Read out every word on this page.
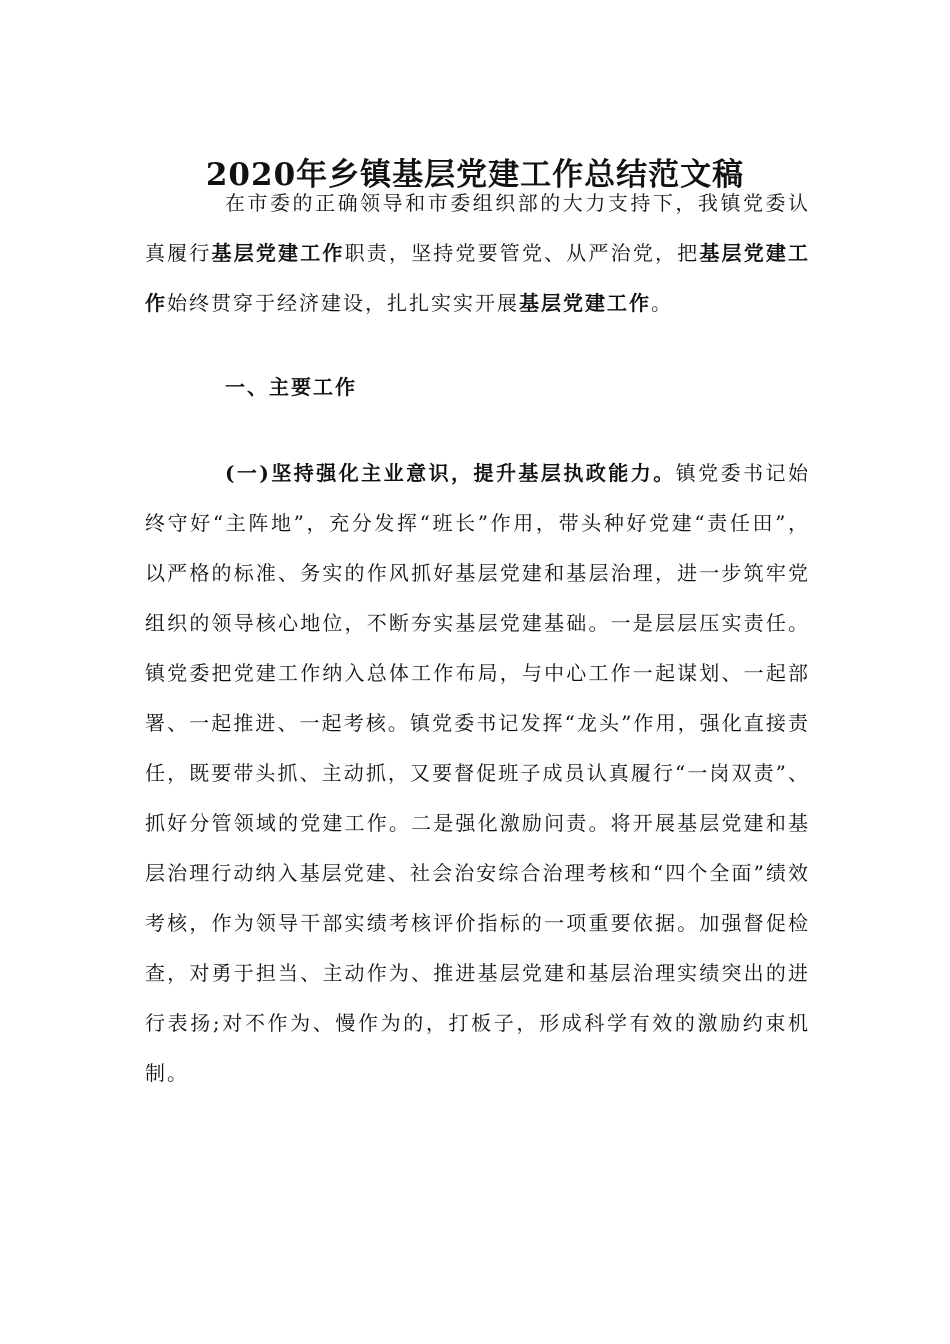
2020年乡镇基层党建工作总结范文稿

在市委的正确领导和市委组织部的大力支持下，我镇党委认真履行基层党建工作职责，坚持党要管党、从严治党，把基层党建工作始终贯穿于经济建设，扎扎实实开展基层党建工作。

一、主要工作

(一)坚持强化主业意识，提升基层执政能力。镇党委书记始终守好“主阵地”，充分发挥“班长”作用，带头种好党建“责任田”，以严格的标准、务实的作风抓好基层党建和基层治理，进一步筑牢党组织的领导核心地位，不断夯实基层党建基础。一是层层压实责任。镇党委把党建工作纳入总体工作布局，与中心工作一起谋划、一起部署、一起推进、一起考核。镇党委书记发挥“龙头”作用，强化直接责任，既要带头抓、主动抓，又要督促班子成员认真履行“一岗双责”、抓好分管领域的党建工作。二是强化激励问责。将开展基层党建和基层治理行动纳入基层党建、社会治安综合治理考核和“四个全面”绩效考核，作为领导干部实绩考核评价指标的一项重要依据。加强督促检查，对勇于担当、主动作为、推进基层党建和基层治理实绩突出的进行表扬;对不作为、慢作为的，打板子，形成科学有效的激励约束机制。
